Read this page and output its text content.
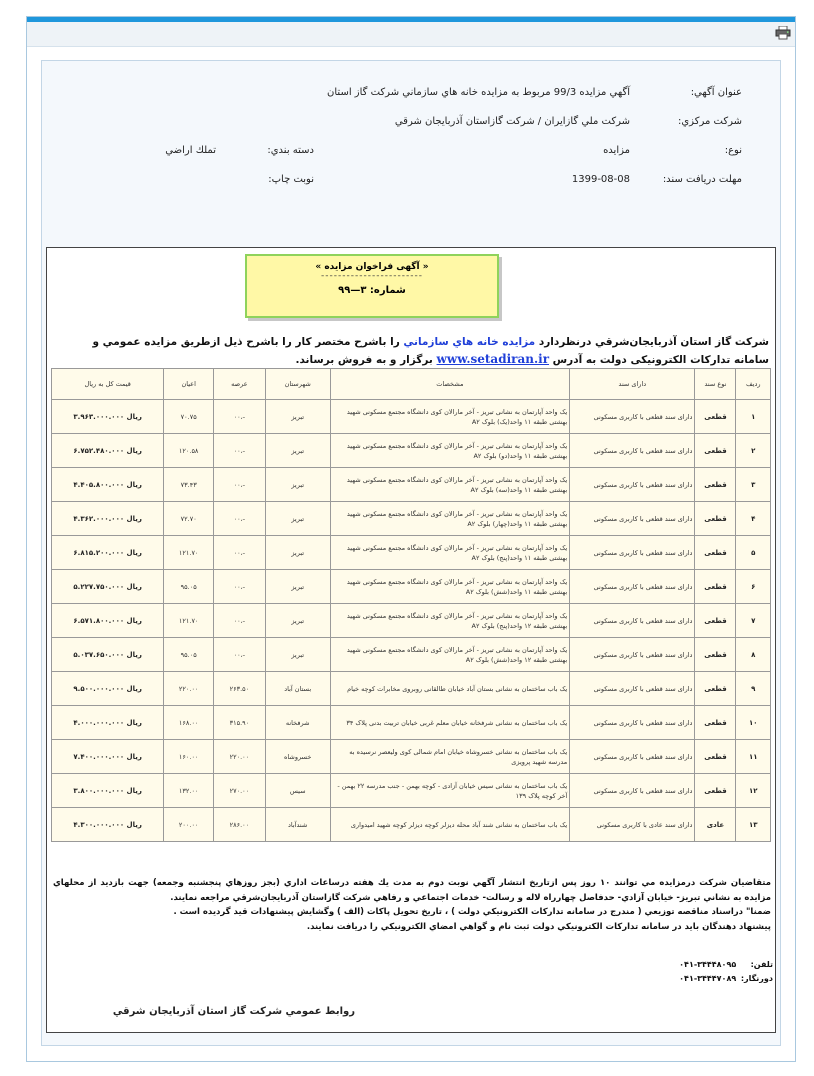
عنوان آگهي:
آگهي مزايده 99/3 مربوط به مزايده خانه هاي سازماني شركت گاز استان
شركت مركزي:
شركت ملي گازايران / شركت گازاستان آذربايجان شرقي
نوع:
مزايده
دسته بندي:
تملك اراضي
مهلت دريافت سند:
1399-08-08
نوبت چاپ:
« آگهی فراخوان مزایده »
------------------------
شماره: ۳—۹۹
شركت گاز استان آذربايجان‌شرقي درنظردارد مزايده خانه هاي سازماني را باشرح مختصر كار را باشرح ذيل ازطريق مزايده عمومي و سامانه تدارکات الکترونیکی دولت به آدرس www.setadiran.ir برگزار و به فروش برساند.
ردیف	نوع سند	دارای سند	مشخصات	شهرستان	عرصه	اعیان	قیمت کل به ریال
۱	قطعی	دارای سند قطعی با کاربری مسکونی	یک واحد آپارتمان به نشانی تبریز - آخر مارالان کوی دانشگاه مجتمع مسکونی شهید بهشتی طبقه ۱۱ واحد(یک) بلوک A۲	تبریز	-،۰۰	۷۰.۷۵	ریال ۳.۹۶۳.۰۰۰.۰۰۰
۲	قطعی	دارای سند قطعی با کاربری مسکونی	یک واحد آپارتمان به نشانی تبریز - آخر مارالان کوی دانشگاه مجتمع مسکونی شهید بهشتی طبقه ۱۱ واحد(دو) بلوک A۲	تبریز	-،۰۰	۱۲۰.۵۸	ریال ۶.۷۵۲.۴۸۰.۰۰۰
۳	قطعی	دارای سند قطعی با کاربری مسکونی	یک واحد آپارتمان به نشانی تبریز - آخر مارالان کوی دانشگاه مجتمع مسکونی شهید بهشتی طبقه ۱۱ واحد(سه) بلوک A۲	تبریز	-،۰۰	۷۳.۴۳	ریال ۴.۴۰۵.۸۰۰.۰۰۰
۴	قطعی	دارای سند قطعی با کاربری مسکونی	یک واحد آپارتمان به نشانی تبریز - آخر مارالان کوی دانشگاه مجتمع مسکونی شهید بهشتی طبقه ۱۱ واحد(چهار) بلوک A۲	تبریز	-،۰۰	۷۲.۷۰	ریال ۴.۳۶۲.۰۰۰.۰۰۰
۵	قطعی	دارای سند قطعی با کاربری مسکونی	یک واحد آپارتمان به نشانی تبریز - آخر مارالان کوی دانشگاه مجتمع مسکونی شهید بهشتی طبقه ۱۱ واحد(پنج) بلوک A۲	تبریز	-،۰۰	۱۲۱.۷۰	ریال ۶.۸۱۵.۲۰۰.۰۰۰
۶	قطعی	دارای سند قطعی با کاربری مسکونی	یک واحد آپارتمان به نشانی تبریز - آخر مارالان کوی دانشگاه مجتمع مسکونی شهید بهشتی طبقه ۱۱ واحد(شش) بلوک A۲	تبریز	-،۰۰	۹۵.۰۵	ریال ۵.۲۲۷.۷۵۰.۰۰۰
۷	قطعی	دارای سند قطعی با کاربری مسکونی	یک واحد آپارتمان به نشانی تبریز - آخر مارالان کوی دانشگاه مجتمع مسکونی شهید بهشتی طبقه ۱۲ واحد(پنج) بلوک A۲	تبریز	-،۰۰	۱۲۱.۷۰	ریال ۶.۵۷۱.۸۰۰.۰۰۰
۸	قطعی	دارای سند قطعی با کاربری مسکونی	یک واحد آپارتمان به نشانی تبریز - آخر مارالان کوی دانشگاه مجتمع مسکونی شهید بهشتی طبقه ۱۲ واحد(شش) بلوک A۲	تبریز	-،۰۰	۹۵.۰۵	ریال ۵.۰۳۷.۶۵۰.۰۰۰
۹	قطعی	دارای سند قطعی با کاربری مسکونی	یک باب ساختمان به نشانی بستان آباد خیابان طالقانی روبروی مخابرات کوچه خیام	بستان آباد	۲۶۳.۵۰	۲۲۰.۰۰	ریال ۹.۵۰۰.۰۰۰.۰۰۰
۱۰	قطعی	دارای سند قطعی با کاربری مسکونی	یک باب ساختمان به نشانی شرفخانه خیابان معلم غربی خیابان تربیت بدنی پلاک ۳۴	شرفخانه	۳۱۵.۹۰	۱۶۸.۰۰	ریال ۴.۰۰۰.۰۰۰.۰۰۰
۱۱	قطعی	دارای سند قطعی با کاربری مسکونی	یک باب ساختمان به نشانی خسروشاه خیابان امام شمالی کوی ولیعصر نرسیده به مدرسه شهید پرویزی	خسروشاه	۲۲۰.۰۰	۱۶۰.۰۰	ریال ۷.۴۰۰.۰۰۰.۰۰۰
۱۲	قطعی	دارای سند قطعی با کاربری مسکونی	یک باب ساختمان به نشانی سیس خیابان آزادی - کوچه بهمن - جنب مدرسه ۲۲ بهمن - آخر کوچه پلاک ۱۳۹	سیس	۲۷۰.۰۰	۱۳۲.۰۰	ریال ۳.۸۰۰.۰۰۰.۰۰۰
۱۳	عادی	دارای سند عادی با کاربری مسکونی	یک باب ساختمان به نشانی شند آباد محله دیزلر کوچه دیزلر کوچه شهید امیدواری	شندآباد	۲۸۶.۰۰	۲۰۰.۰۰	ریال ۴.۳۰۰.۰۰۰.۰۰۰
متقاضيان شركت درمزايده مي توانند ۱۰ روز پس ازتاريخ انتشار آگهي نوبت دوم به مدت يك هفته درساعات اداري (بجز روزهاي پنجشنبه وجمعه) جهت بازديد از محلهاي مزايده به نشاني تبريز- خيابان آزادي- حدفاصل چهارراه لاله و رسالت- خدمات اجتماعي و رفاهي شركت گازاستان آذربايجان‌شرقي مراجعه نمايند.
ضمنا" دراسناد مناقصه توزيعي ( مندرج در سامانه تداركات الكترونيكي دولت ) ، تاريخ تحويل پاكات (الف ) وگشايش پيشنهادات قيد گرديده است .
پيشنهاد دهندگان بايد در سامانه تداركات الكترونيكي دولت ثبت نام و گواهي امضاي الكترونيكي را دريافت نمايند.
تلفن: ۰۴۱-۳۴۴۴۸۰۹۵
دورنگار: ۰۴۱-۳۴۴۴۷۰۸۹
روابط عمومي شركت گاز استان آذربايجان شرقي
